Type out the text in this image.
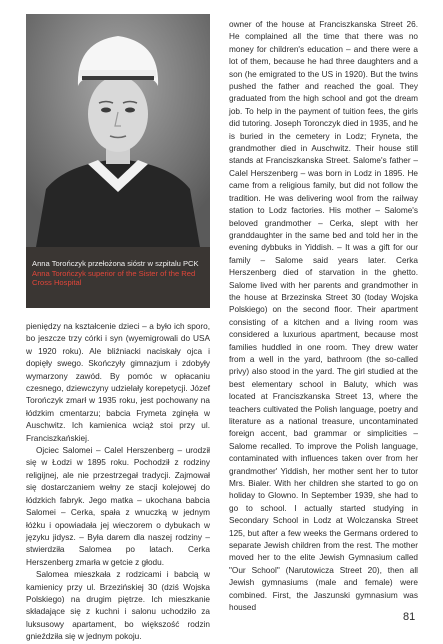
Anna Torończyk przełożona sióstr w szpitalu PCK
Anna Torończyk superior of the Sister of the Red Cross Hospital

pieniędzy na kształcenie dzieci – a było ich sporo, bo jeszcze trzy córki i syn (wyemigrowali do USA w 1920 roku). Ale bliźniacki naciskały ojca i dopięły swego. Skończyły gimnazjum i zdobyły wymarzony zawód. By pomóc w opłacaniu czesnego, dziewczyny udzielały korepetycji. Józef Torończyk zmarł w 1935 roku, jest pochowany na łódzkim cmentarzu; babcia Frymeta zginęła w Auschwitz. Ich kamienica wciąż stoi przy ul. Franciszkańskiej.

Ojciec Salomei – Calel Herszenberg – urodził się w Łodzi w 1895 roku. Pochodził z rodziny religijnej, ale nie przestrzegał tradycji. Zajmował się dostarczaniem wełny ze stacji kolejowej do łódzkich fabryk. Jego matka – ukochana babcia Salomei – Cerka, spała z wnuczką w jednym łóżku i opowiadała jej wieczorem o dybukach w języku jidysz. – Była darem dla naszej rodziny – stwierdziła Salomea po latach. Cerka Herszenberg zmarła w getcie z głodu.

Salomea mieszkała z rodzicami i babcią w kamienicy przy ul. Brzezińskiej 30 (dziś Wojska Polskiego) na drugim piętrze. Ich mieszkanie składające się z kuchni i salonu uchodziło za luksusowy apartament, bo większość rodzin gnieździła się w jednym pokoju.

owner of the house at Franciszkanska Street 26. He complained all the time that there was no money for children's education – and there were a lot of them, because he had three daughters and a son (he emigrated to the US in 1920). But the twins pushed the father and reached the goal. They graduated from the high school and got the dream job. To help in the payment of tuition fees, the girls did tutoring. Joseph Toronczyk died in 1935, and he is buried in the cemetery in Lodz; Fryneta, the grandmother died in Auschwitz. Their house still stands at Franciszkanska Street. Salome's father – Calel Herszenberg – was born in Lodz in 1895. He came from a religious family, but did not follow the tradition. He was delivering wool from the railway station to Lodz factories. His mother – Salome's beloved grandmother – Cerka, slept with her granddaughter in the same bed and told her in the evening dybbuks in Yiddish. – It was a gift for our family – Salome said years later. Cerka Herszenberg died of starvation in the ghetto. Salome lived with her parents and grandmother in the house at Brzezinska Street 30 (today Wojska Polskiego) on the second floor. Their apartment consisting of a kitchen and a living room was considered a luxurious apartment, because most families huddled in one room. They drew water from a well in the yard, bathroom (the so-called privy) also stood in the yard. The girl studied at the best elementary school in Baluty, which was located at Franciszkanska Street 13, where the teachers cultivated the Polish language, poetry and literature as a national treasure, uncontaminated foreign accent, bad grammar or simplicities –Salome recalled. To improve the Polish language, contaminated with influences taken over from her grandmother' Yiddish, her mother sent her to tutor Mrs. Bialer. With her children she started to go on holiday to Glowno. In September 1939, she had to go to school. I actually started studying in Secondary School in Lodz at Wolczanska Street 125, but after a few weeks the Germans ordered to separate Jewish children from the rest. The mother moved her to the elite Jewish Gymnasium called "Our School" (Narutowicza Street 20), then all Jewish gymnasiums (male and female) were combined. First, the Jaszunski gymnasium was housed

81
